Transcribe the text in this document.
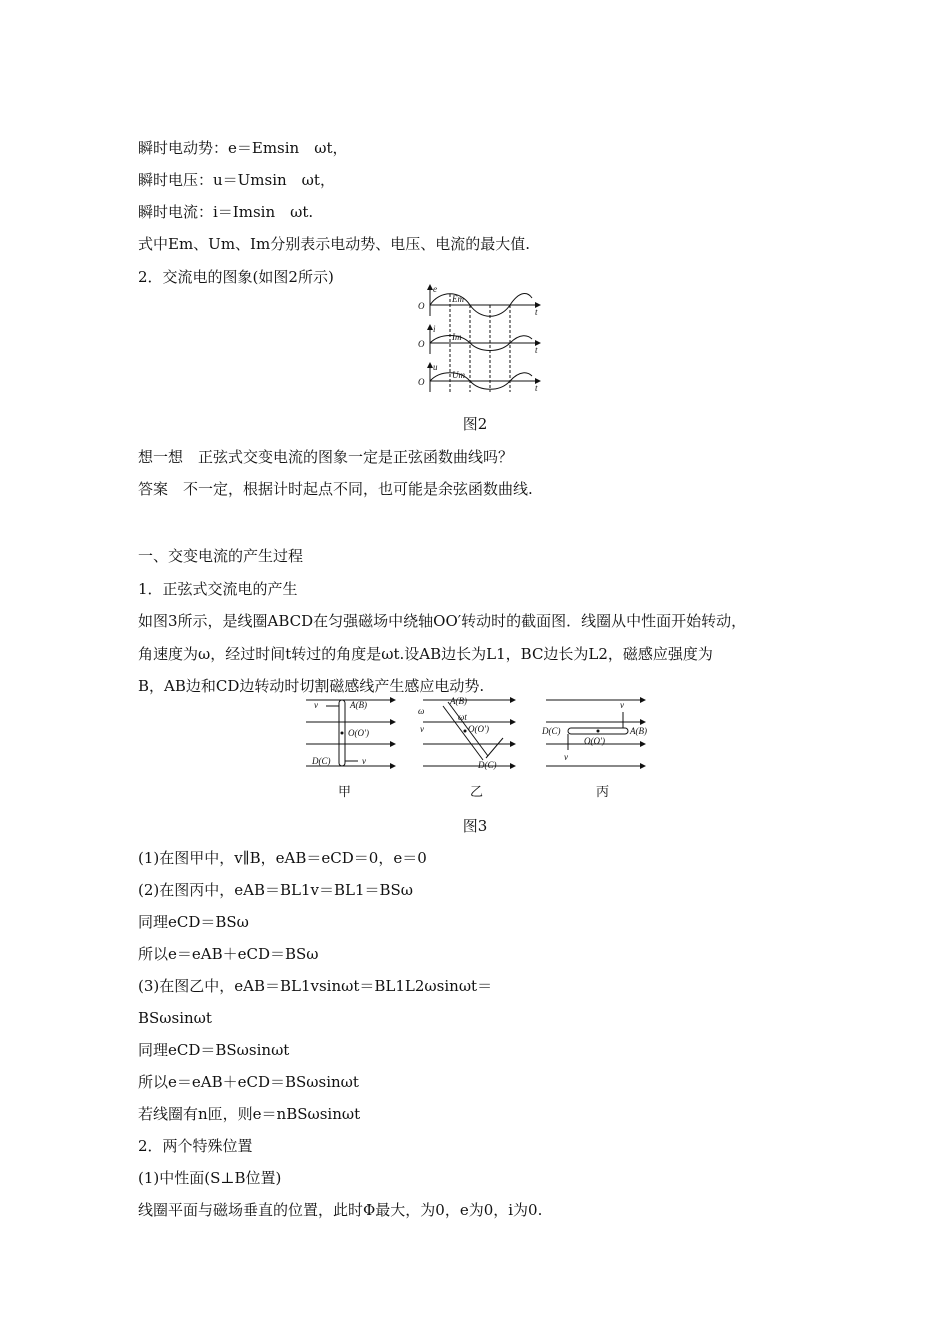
瞬时电动势：e＝Emsin　ωt，
瞬时电压：u＝Umsin　ωt，
瞬时电流：i＝Imsin　ωt.
式中Em、Um、Im分别表示电动势、电压、电流的最大值.
2．交流电的图象(如图2所示)
e
i
u
Em
Im
Um
O
O
O
t
t
t
图2
想一想　正弦式交变电流的图象一定是正弦函数曲线吗？
答案　不一定，根据计时起点不同，也可能是余弦函数曲线.
一、交变电流的产生过程
1．正弦式交流电的产生
如图3所示，是线圈ABCD在匀强磁场中绕轴OO′转动时的截面图．线圈从中性面开始转动，
角速度为ω，经过时间t转过的角度是ωt.设AB边长为L1，BC边长为L2，磁感应强度为
B，AB边和CD边转动时切割磁感线产生感应电动势.
A(B)
O(O′)
D(C)
v
v
A(B)
O(O′)
D(C)
ω
ωt
v	A(B)
O(O′)
D(C)
v
v
甲	乙	丙
图3
(1)在图甲中，v∥B，eAB＝eCD＝0，e＝0
(2)在图丙中，eAB＝BL1v＝BL1＝BSω
同理eCD＝BSω
所以e＝eAB＋eCD＝BSω
(3)在图乙中，eAB＝BL1vsinωt＝BL1L2ωsinωt＝
BSωsinωt
同理eCD＝BSωsinωt
所以e＝eAB＋eCD＝BSωsinωt
若线圈有n匝，则e＝nBSωsinωt
2．两个特殊位置
(1)中性面(S⊥B位置)
线圈平面与磁场垂直的位置，此时Φ最大，为0，e为0，i为0.
